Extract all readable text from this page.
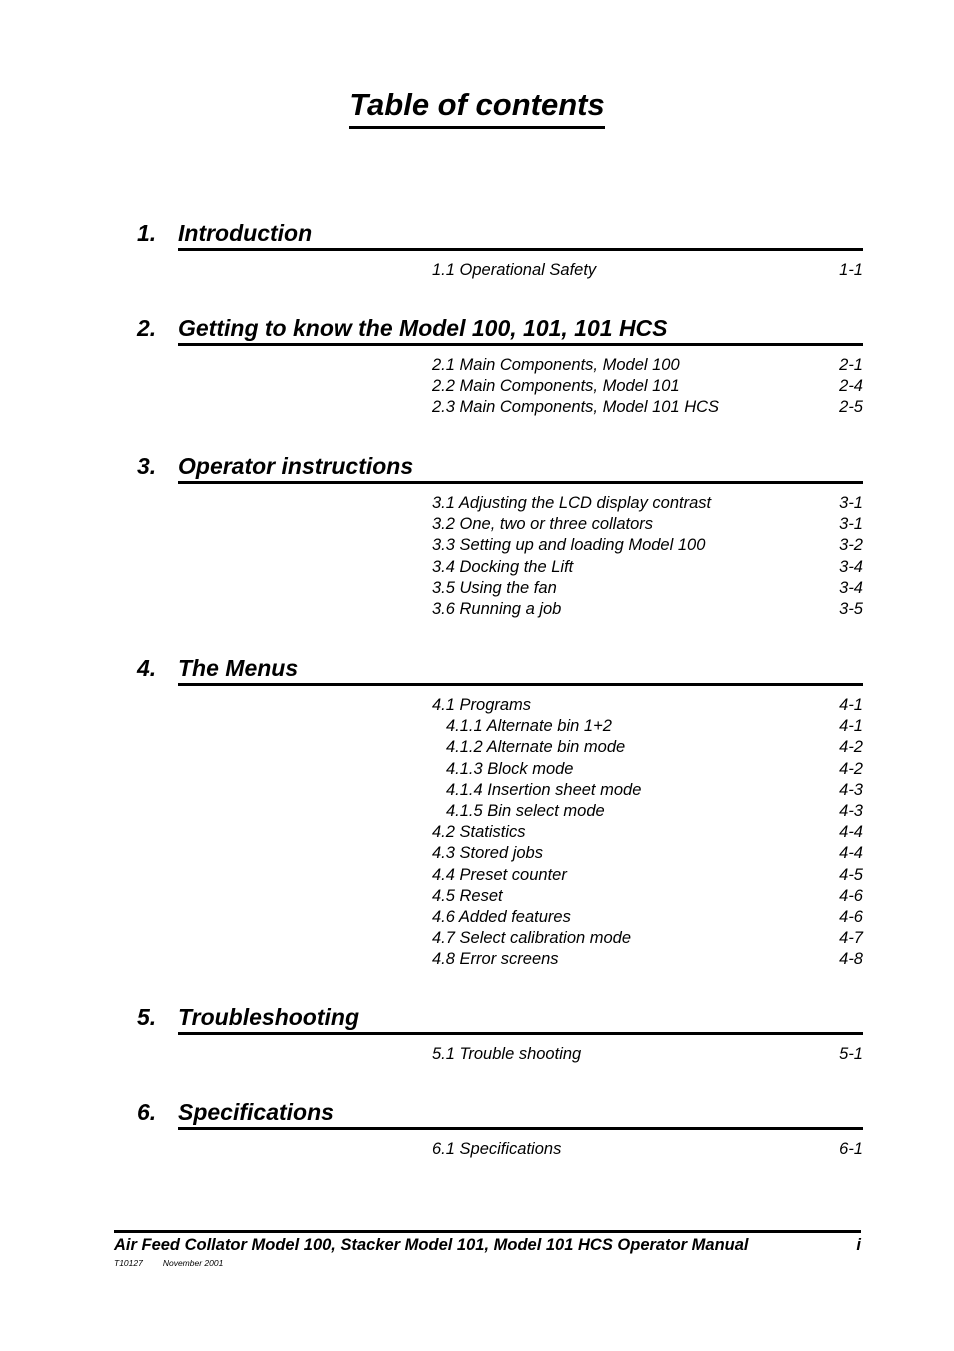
Table of contents
1. Introduction
1.1 Operational Safety	1-1
2. Getting to know the Model 100, 101, 101 HCS
2.1 Main Components, Model 100	2-1
2.2 Main Components, Model 101	2-4
2.3 Main Components, Model 101 HCS	2-5
3. Operator instructions
3.1 Adjusting the LCD display contrast	3-1
3.2 One, two or three collators	3-1
3.3 Setting up and loading Model 100	3-2
3.4 Docking the Lift	3-4
3.5 Using the fan	3-4
3.6 Running a job	3-5
4. The Menus
4.1 Programs	4-1
4.1.1 Alternate bin 1+2	4-1
4.1.2 Alternate bin mode	4-2
4.1.3 Block mode	4-2
4.1.4 Insertion sheet mode	4-3
4.1.5 Bin select mode	4-3
4.2 Statistics	4-4
4.3 Stored jobs	4-4
4.4 Preset counter	4-5
4.5 Reset	4-6
4.6 Added features	4-6
4.7 Select calibration mode	4-7
4.8 Error screens	4-8
5. Troubleshooting
5.1 Trouble shooting	5-1
6. Specifications
6.1 Specifications	6-1
Air Feed Collator Model 100, Stacker Model 101, Model 101 HCS Operator Manual	i
T10127 November 2001
